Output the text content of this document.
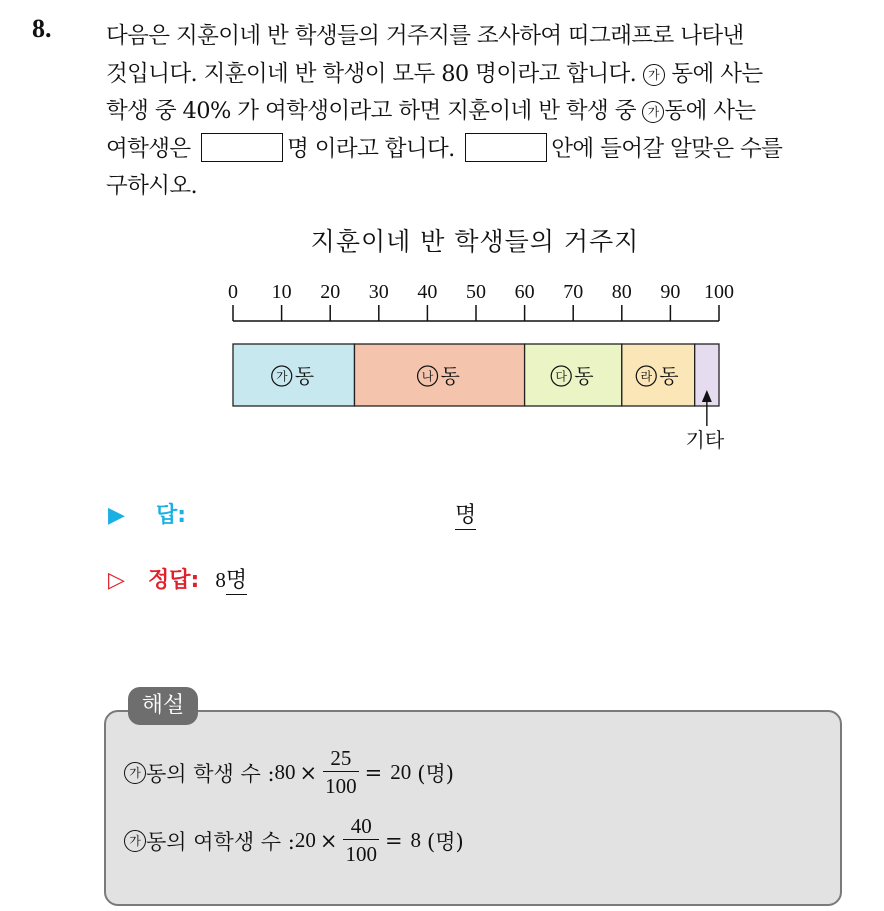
8. 다음은 지훈이네 반 학생들의 거주지를 조사하여 띠그래프로 나타낸
것입니다. 지훈이네 반 학생이 모두 80 명이라고 합니다. 가 동에 사는
학생 중 40% 가 여학생이라고 하면 지훈이네 반 학생 중 가 동에 사는
여학생은	명 이라고 합니다.	안에 들어갈 알맞은 수를
구하시오.
지훈이네 반 학생들의 거주지
0 10 20 30 40 50 60 70 80 90 100
가 동	나 동	다 동	라 동
기타
▶ 답:	명
▷ 정답: 8명
해설
가 동의 학생 수 : $80 \times \frac{25}{100} = 20$ (명)
가 동의 여학생 수 : $20 \times \frac{40}{100} = 8$ (명)
